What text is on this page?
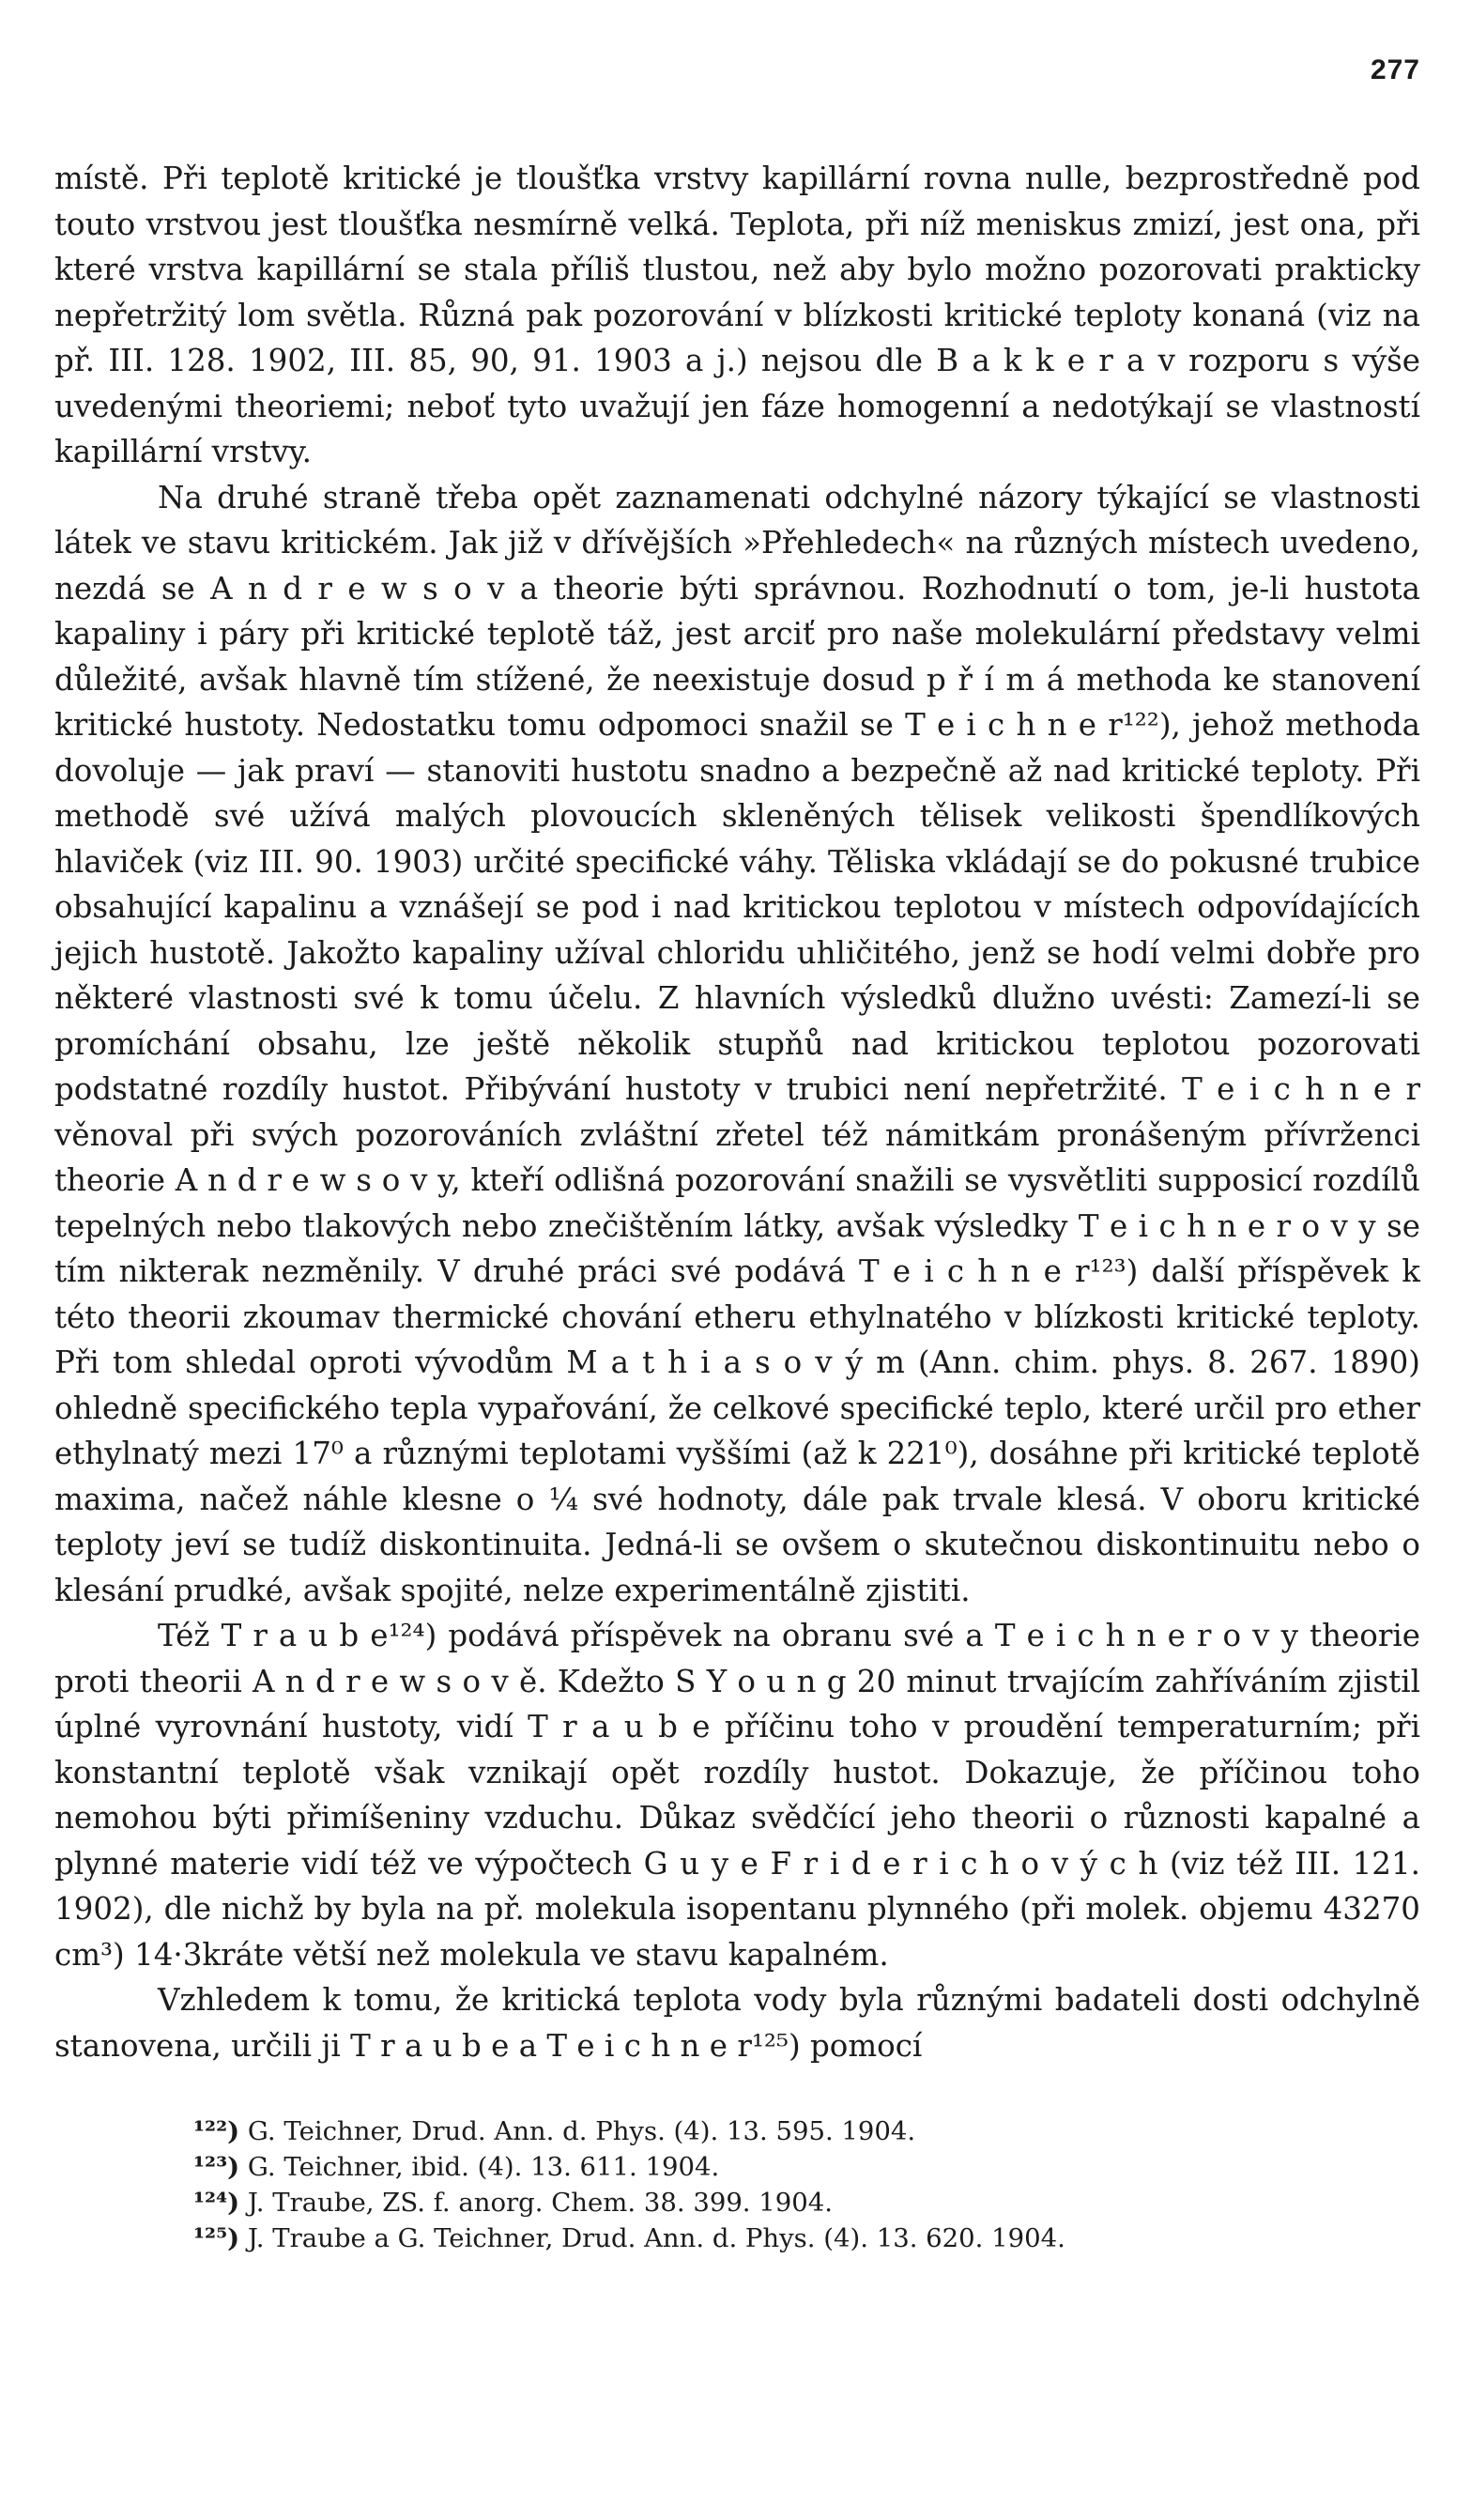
277

místě. Při teplotě kritické je tloušťka vrstvy kapillární rovna nulle, bezprostředně pod touto vrstvou jest tloušťka nesmírně velká. Teplota, při níž meniskus zmizí, jest ona, při které vrstva kapillární se stala příliš tlustou, než aby bylo možno pozorovati prakticky nepřetržitý lom světla. Různá pak pozorování v blízkosti kritické teploty konaná (viz na př. III. 128. 1902, III. 85, 90, 91. 1903 a j.) nejsou dle B a k k e r a v rozporu s výše uvedenými theoriemi; neboť tyto uvažují jen fáze homogenní a nedotýkají se vlastností kapillární vrstvy.

Na druhé straně třeba opět zaznamenati odchylné názory týkající se vlastnosti látek ve stavu kritickém. Jak již v dřívějších »Přehledech« na různých místech uvedeno, nezdá se A n d r e w s o v a theorie býti správnou. Rozhodnutí o tom, je-li hustota kapaliny i páry při kritické teplotě táž, jest arciť pro naše molekulární představy velmi důležité, avšak hlavně tím stížené, že neexistuje dosud p ř í m á methoda ke stanovení kritické hustoty. Nedostatku tomu odpomoci snažil se T e i c h n e r¹²²), jehož methoda dovoluje — jak praví — stanoviti hustotu snadno a bezpečně až nad kritické teploty. Při methodě své užívá malých plovoucích skleněných tělisek velikosti špendlíkových hlaviček (viz III. 90. 1903) určité specifické váhy. Těliska vkládají se do pokusné trubice obsahující kapalinu a vznášejí se pod i nad kritickou teplotou v místech odpovídajících jejich hustotě. Jakožto kapaliny užíval chloridu uhličitého, jenž se hodí velmi dobře pro některé vlastnosti své k tomu účelu. Z hlavních výsledků dlužno uvésti: Zamezí-li se promíchání obsahu, lze ještě několik stupňů nad kritickou teplotou pozorovati podstatné rozdíly hustot. Přibývání hustoty v trubici není nepřetržité. T e i c h n e r věnoval při svých pozorováních zvláštní zřetel též námitkám pronášeným přívrženci theorie A n d r e w s o v y, kteří odlišná pozorování snažili se vysvětliti supposicí rozdílů tepelných nebo tlakových nebo znečištěním látky, avšak výsledky T e i c h n e r o v y se tím nikterak nezměnily. V druhé práci své podává T e i c h n e r¹²³) další příspěvek k této theorii zkoumav thermické chování etheru ethylnatého v blízkosti kritické teploty. Při tom shledal oproti vývodům M a t h i a s o v ý m (Ann. chim. phys. 8. 267. 1890) ohledně specifického tepla vypařování, že celkové specifické teplo, které určil pro ether ethylnatý mezi 17⁰ a různými teplotami vyššími (až k 221⁰), dosáhne při kritické teplotě maxima, načež náhle klesne o ¼ své hodnoty, dále pak trvale klesá. V oboru kritické teploty jeví se tudíž diskontinuita. Jedná-li se ovšem o skutečnou diskontinuitu nebo o klesání prudké, avšak spojité, nelze experimentálně zjistiti.

Též T r a u b e¹²⁴) podává příspěvek na obranu své a T e i c h n e r o v y theorie proti theorii A n d r e w s o v ě. Kdežto S Y o u n g 20 minut trvajícím zahříváním zjistil úplné vyrovnání hustoty, vidí T r a u b e příčinu toho v proudění temperaturním; při konstantní teplotě však vznikají opět rozdíly hustot. Dokazuje, že příčinou toho nemohou býti přimíšeniny vzduchu. Důkaz svědčící jeho theorii o různosti kapalné a plynné materie vidí též ve výpočtech G u y e F r i d e r i c h o v ý c h (viz též III. 121. 1902), dle nichž by byla na př. molekula isopentanu plynného (při molek. objemu 43270 cm³) 14·3kráte větší než molekula ve stavu kapalném.

Vzhledem k tomu, že kritická teplota vody byla různými badateli dosti odchylně stanovena, určili ji T r a u b e a T e i c h n e r¹²⁵) pomocí

¹²²) G. Teichner, Drud. Ann. d. Phys. (4). 13. 595. 1904.

¹²³) G. Teichner, ibid. (4). 13. 611. 1904.

¹²⁴) J. Traube, ZS. f. anorg. Chem. 38. 399. 1904.

¹²⁵) J. Traube a G. Teichner, Drud. Ann. d. Phys. (4). 13. 620. 1904.
